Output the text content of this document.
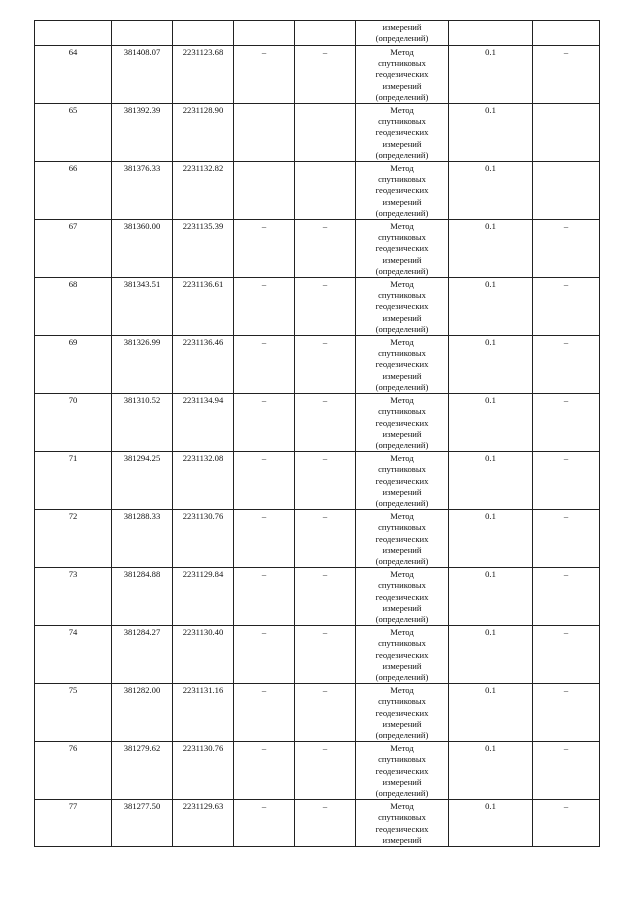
					измерений
(определений)		

64	381408.07	2231123.68	–	–	Метод
спутниковых
геодезических
измерений
(определений)	0.1	–
65	381392.39	2231128.90			Метод
спутниковых
геодезических
измерений
(определений)	0.1	
66	381376.33	2231132.82			Метод
спутниковых
геодезических
измерений
(определений)	0.1	
67	381360.00	2231135.39	–	–	Метод
спутниковых
геодезических
измерений
(определений)	0.1	–
68	381343.51	2231136.61	–	–	Метод
спутниковых
геодезических
измерений
(определений)	0.1	–
69	381326.99	2231136.46	–	–	Метод
спутниковых
геодезических
измерений
(определений)	0.1	–
70	381310.52	2231134.94	–	–	Метод
спутниковых
геодезических
измерений
(определений)	0.1	–
71	381294.25	2231132.08	–	–	Метод
спутниковых
геодезических
измерений
(определений)	0.1	–
72	381288.33	2231130.76	–	–	Метод
спутниковых
геодезических
измерений
(определений)	0.1	–
73	381284.88	2231129.84	–	–	Метод
спутниковых
геодезических
измерений
(определений)	0.1	–
74	381284.27	2231130.40	–	–	Метод
спутниковых
геодезических
измерений
(определений)	0.1	–
75	381282.00	2231131.16	–	–	Метод
спутниковых
геодезических
измерений
(определений)	0.1	–
76	381279.62	2231130.76	–	–	Метод
спутниковых
геодезических
измерений
(определений)	0.1	–
77	381277.50	2231129.63	–	–	Метод
спутниковых
геодезических
измерений	0.1	–
